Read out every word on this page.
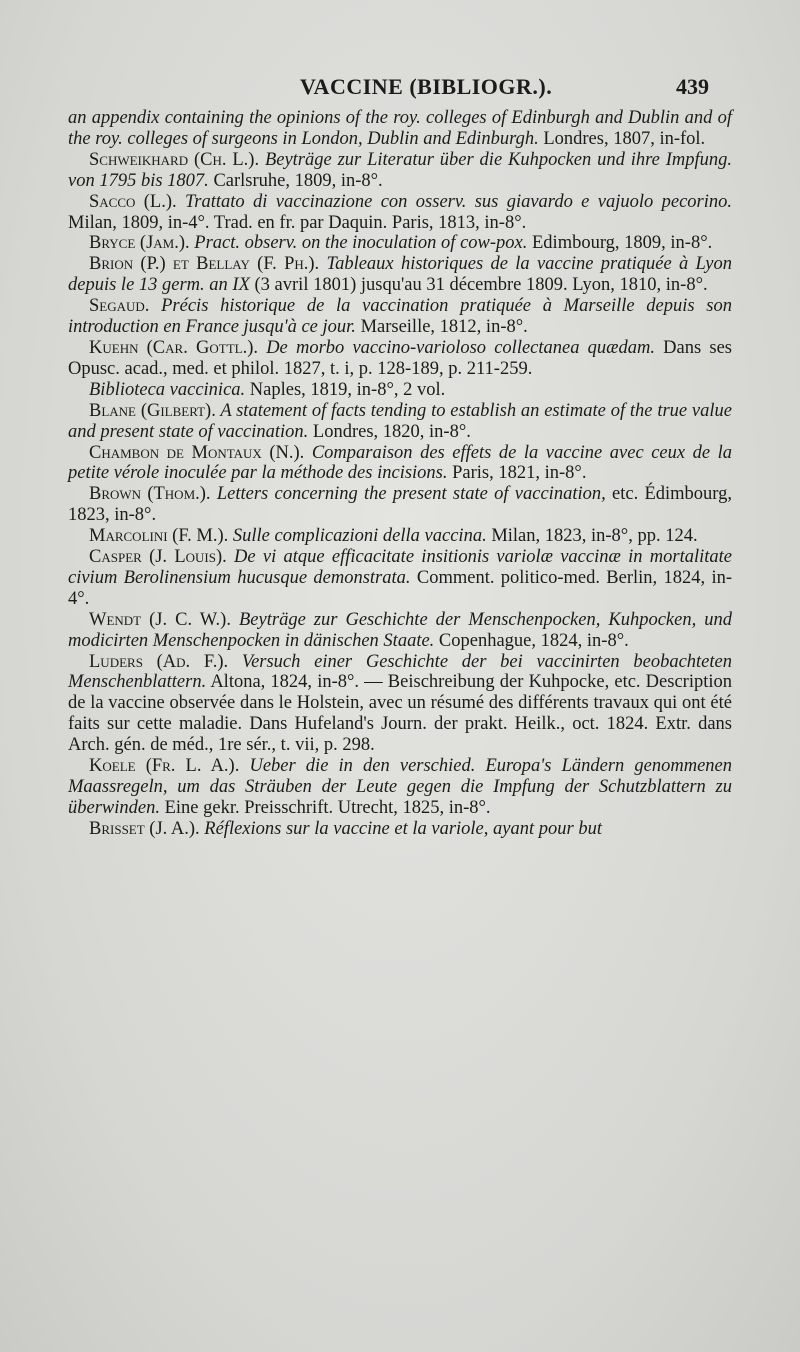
VACCINE (BIBLIOGR.).	439

an appendix containing the opinions of the roy. colleges of Edinburgh and Dublin and of the roy. colleges of surgeons in London, Dublin and Edinburgh. Londres, 1807, in-fol.

Schweikhard (Ch. L.). Beyträge zur Literatur über die Kuhpocken und ihre Impfung. von 1795 bis 1807. Carlsruhe, 1809, in-8°.

Sacco (L.). Trattato di vaccinazione con osserv. sus giavardo e vajuolo pecorino. Milan, 1809, in-4°. Trad. en fr. par Daquin. Paris, 1813, in-8°.

Bryce (Jam.). Pract. observ. on the inoculation of cow-pox. Edimbourg, 1809, in-8°.

Brion (P.) et Bellay (F. Ph.). Tableaux historiques de la vaccine pratiquée à Lyon depuis le 13 germ. an IX (3 avril 1801) jusqu'au 31 décembre 1809. Lyon, 1810, in-8°.

Segaud. Précis historique de la vaccination pratiquée à Marseille depuis son introduction en France jusqu'à ce jour. Marseille, 1812, in-8°.

Kuehn (Car. Gottl.). De morbo vaccino-varioloso collectanea quædam. Dans ses Opusc. acad., med. et philol. 1827, t. i, p. 128-189, p. 211-259.

Biblioteca vaccinica. Naples, 1819, in-8°, 2 vol.

Blane (Gilbert). A statement of facts tending to establish an estimate of the true value and present state of vaccination. Londres, 1820, in-8°.

Chambon de Montaux (N.). Comparaison des effets de la vaccine avec ceux de la petite vérole inoculée par la méthode des incisions. Paris, 1821, in-8°.

Brown (Thom.). Letters concerning the present state of vaccination, etc. Édimbourg, 1823, in-8°.

Marcolini (F. M.). Sulle complicazioni della vaccina. Milan, 1823, in-8°, pp. 124.

Casper (J. Louis). De vi atque efficacitate insitionis variolæ vaccinæ in mortalitate civium Berolinensium hucusque demonstrata. Comment. politico-med. Berlin, 1824, in-4°.

Wendt (J. C. W.). Beyträge zur Geschichte der Menschenpocken, Kuhpocken, und modicirten Menschenpocken in dänischen Staate. Copenhague, 1824, in-8°.

Luders (Ad. F.). Versuch einer Geschichte der bei vaccinirten beobachteten Menschenblattern. Altona, 1824, in-8°. — Beischreibung der Kuhpocke, etc. Description de la vaccine observée dans le Holstein, avec un résumé des différents travaux qui ont été faits sur cette maladie. Dans Hufeland's Journ. der prakt. Heilk., oct. 1824. Extr. dans Arch. gén. de méd., 1re sér., t. vii, p. 298.

Koele (Fr. L. A.). Ueber die in den verschied. Europa's Ländern genommenen Maassregeln, um das Sträuben der Leute gegen die Impfung der Schutzblattern zu überwinden. Eine gekr. Preisschrift. Utrecht, 1825, in-8°.

Brisset (J. A.). Réflexions sur la vaccine et la variole, ayant pour but
